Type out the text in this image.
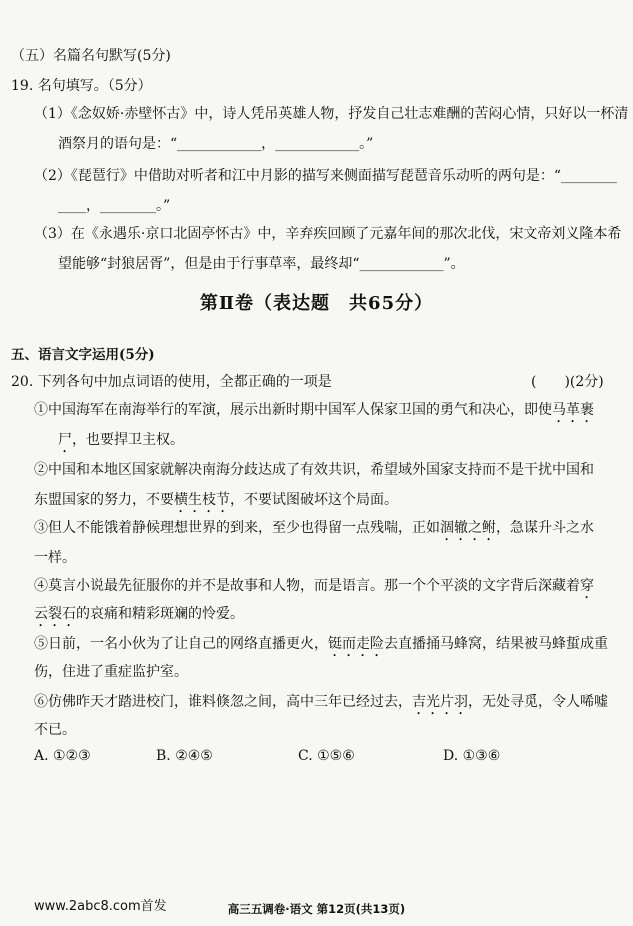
（五）名篇名句默写(5分)
19. 名句填写。（5分）
（1）《念奴娇·赤壁怀古》中，诗人凭吊英雄人物，抒发自己壮志难酬的苦闷心情，只好以一杯清
酒祭月的语句是：“____________，____________。”
（2）《琵琶行》中借助对听者和江中月影的描写来侧面描写琵琶音乐动听的两句是：“________
____，________。”
（3）在《永遇乐·京口北固亭怀古》中，辛弃疾回顾了元嘉年间的那次北伐，宋文帝刘义隆本希
望能够“封狼居胥”，但是由于行事草率，最终却“____________”。
第Ⅱ卷（表达题　共65分）
五、语言文字运用(5分)
20. 下列各句中加点词语的使用，全都正确的一项是	(　　)(2分)
①中国海军在南海举行的军演，展示出新时期中国军人保家卫国的勇气和决心，即使马革裹
尸，也要捍卫主权。
②中国和本地区国家就解决南海分歧达成了有效共识，希望域外国家支持而不是干扰中国和
东盟国家的努力，不要横生枝节，不要试图破坏这个局面。
③但人不能饿着静候理想世界的到来，至少也得留一点残喘，正如涸辙之鲋，急谋升斗之水
一样。
④莫言小说最先征服你的并不是故事和人物，而是语言。那一个个平淡的文字背后深藏着穿
云裂石的哀痛和精彩斑斓的怜爱。
⑤日前，一名小伙为了让自己的网络直播更火，铤而走险去直播捅马蜂窝，结果被马蜂蜇成重
伤，住进了重症监护室。
⑥仿佛昨天才踏进校门，谁料倏忽之间，高中三年已经过去，吉光片羽，无处寻觅，令人唏嘘
不已。
A. ①②③	B. ②④⑤	C. ①⑤⑥	D. ①③⑥
www.2abc8.com首发	高三五调卷·语文 第12页(共13页)
